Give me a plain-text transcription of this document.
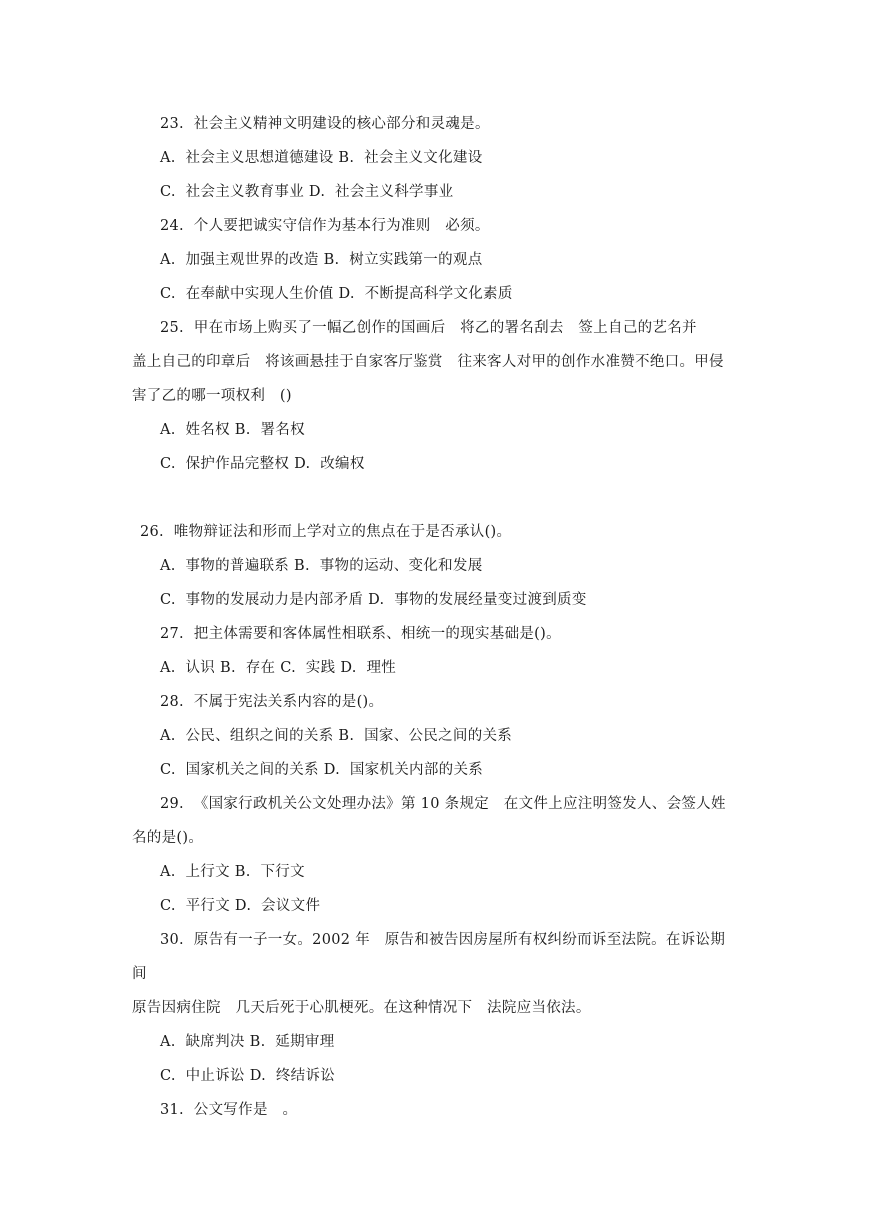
23.  社会主义精神文明建设的核心部分和灵魂是。
A.  社会主义思想道德建设 B.  社会主义文化建设
C.  社会主义教育事业 D.  社会主义科学事业
24.  个人要把诚实守信作为基本行为准则   必须。
A.  加强主观世界的改造 B.  树立实践第一的观点
C.  在奉献中实现人生价值 D.  不断提高科学文化素质
25.  甲在市场上购买了一幅乙创作的国画后   将乙的署名刮去   签上自己的艺名并
盖上自己的印章后   将该画悬挂于自家客厅鉴赏   往来客人对甲的创作水准赞不绝口。甲侵
害了乙的哪一项权利   ()
A.  姓名权 B.  署名权
C.  保护作品完整权 D.  改编权
26.  唯物辩证法和形而上学对立的焦点在于是否承认()。
A.  事物的普遍联系 B.  事物的运动、变化和发展
C.  事物的发展动力是内部矛盾 D.  事物的发展经量变过渡到质变
27.  把主体需要和客体属性相联系、相统一的现实基础是()。
A.  认识 B.  存在 C.  实践 D.  理性
28.  不属于宪法关系内容的是()。
A.  公民、组织之间的关系 B.  国家、公民之间的关系
C.  国家机关之间的关系 D.  国家机关内部的关系
29.  《国家行政机关公文处理办法》第 10 条规定   在文件上应注明签发人、会签人姓
名的是()。
A.  上行文 B.  下行文
C.  平行文 D.  会议文件
30.  原告有一子一女。2002 年   原告和被告因房屋所有权纠纷而诉至法院。在诉讼期
间
原告因病住院   几天后死于心肌梗死。在这种情况下   法院应当依法。
A.  缺席判决 B.  延期审理
C.  中止诉讼 D.  终结诉讼
31.  公文写作是   。
